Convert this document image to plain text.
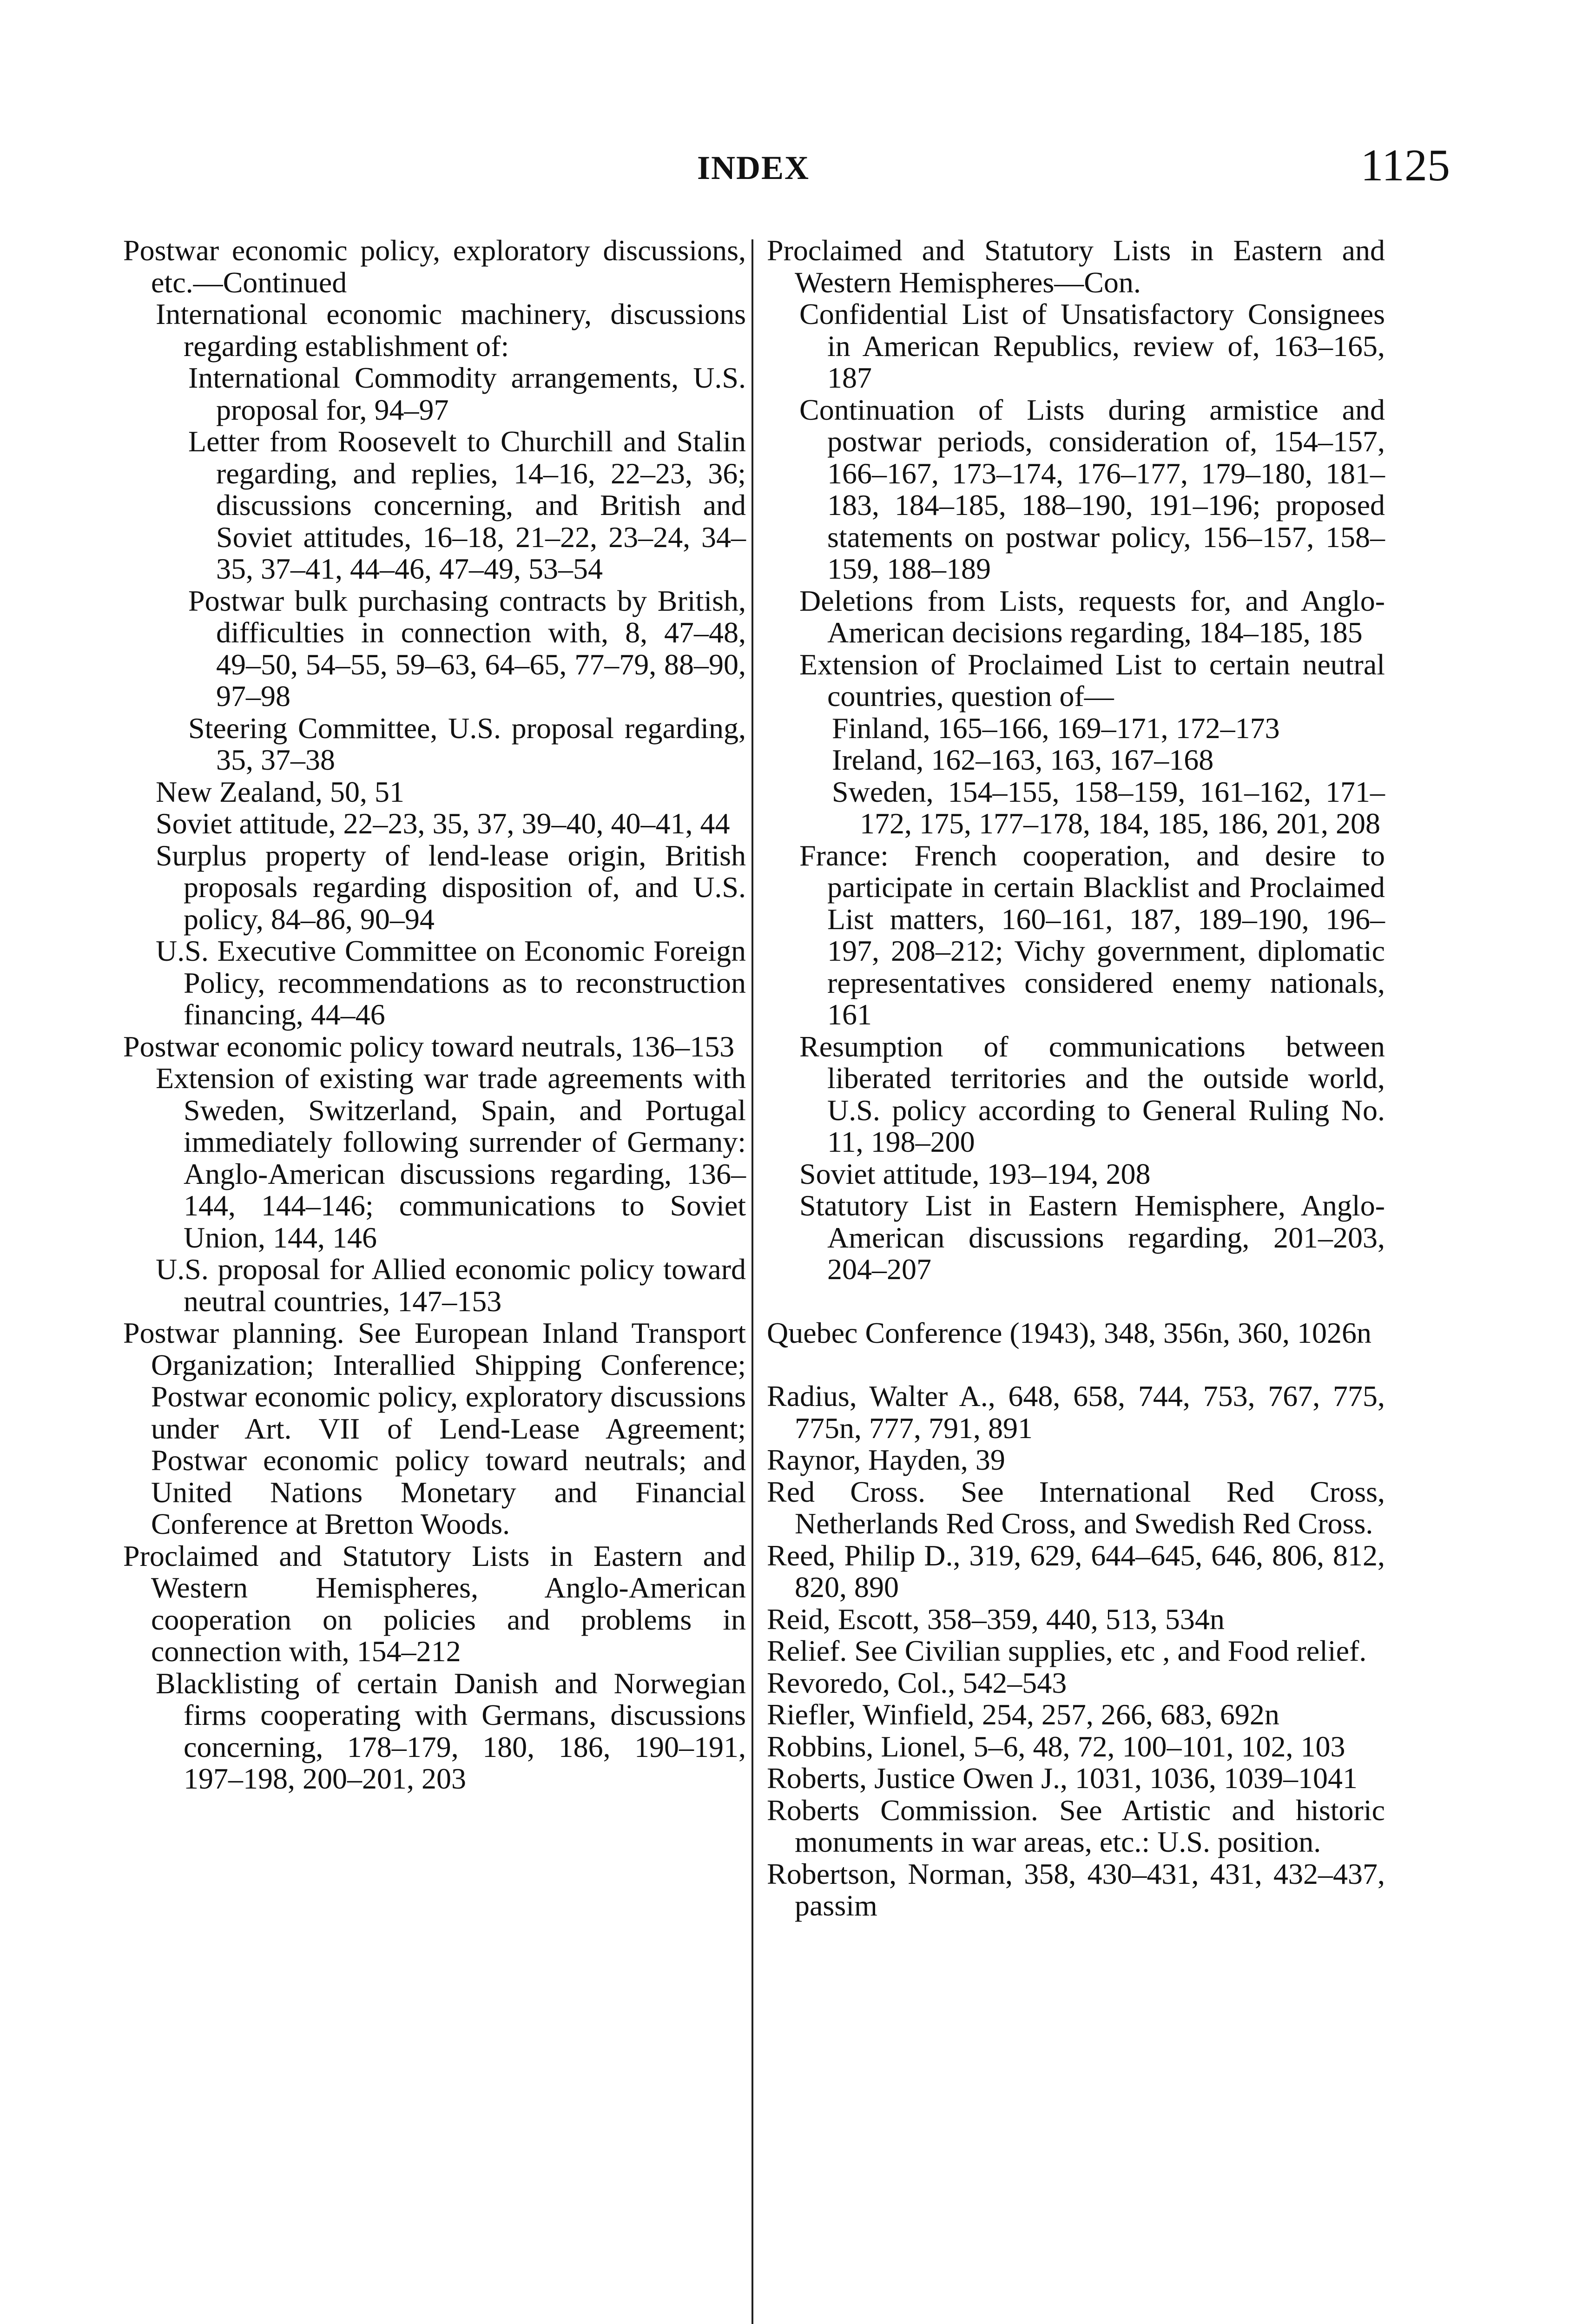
INDEX	1125
Postwar economic policy, exploratory discussions, etc.—Continued
International economic machinery, discussions regarding establishment of:
International Commodity arrangements, U.S. proposal for, 94–97
Letter from Roosevelt to Churchill and Stalin regarding, and replies, 14–16, 22–23, 36; discussions concerning, and British and Soviet attitudes, 16–18, 21–22, 23–24, 34–35, 37–41, 44–46, 47–49, 53–54
Postwar bulk purchasing contracts by British, difficulties in connection with, 8, 47–48, 49–50, 54–55, 59–63, 64–65, 77–79, 88–90, 97–98
Steering Committee, U.S. proposal regarding, 35, 37–38
New Zealand, 50, 51
Soviet attitude, 22–23, 35, 37, 39–40, 40–41, 44
Surplus property of lend-lease origin, British proposals regarding disposition of, and U.S. policy, 84–86, 90–94
U.S. Executive Committee on Economic Foreign Policy, recommendations as to reconstruction financing, 44–46
Postwar economic policy toward neutrals, 136–153
Extension of existing war trade agreements with Sweden, Switzerland, Spain, and Portugal immediately following surrender of Germany: Anglo-American discussions regarding, 136–144, 144–146; communications to Soviet Union, 144, 146
U.S. proposal for Allied economic policy toward neutral countries, 147–153
Postwar planning. See European Inland Transport Organization; Interallied Shipping Conference; Postwar economic policy, exploratory discussions under Art. VII of Lend-Lease Agreement; Postwar economic policy toward neutrals; and United Nations Monetary and Financial Conference at Bretton Woods.
Proclaimed and Statutory Lists in Eastern and Western Hemispheres, Anglo-American cooperation on policies and problems in connection with, 154–212
Blacklisting of certain Danish and Norwegian firms cooperating with Germans, discussions concerning, 178–179, 180, 186, 190–191, 197–198, 200–201, 203
Proclaimed and Statutory Lists in Eastern and Western Hemispheres—Con.
Confidential List of Unsatisfactory Consignees in American Republics, review of, 163–165, 187
Continuation of Lists during armistice and postwar periods, consideration of, 154–157, 166–167, 173–174, 176–177, 179–180, 181–183, 184–185, 188–190, 191–196; proposed statements on postwar policy, 156–157, 158–159, 188–189
Deletions from Lists, requests for, and Anglo-American decisions regarding, 184–185, 185
Extension of Proclaimed List to certain neutral countries, question of—
Finland, 165–166, 169–171, 172–173
Ireland, 162–163, 163, 167–168
Sweden, 154–155, 158–159, 161–162, 171–172, 175, 177–178, 184, 185, 186, 201, 208
France: French cooperation, and desire to participate in certain Blacklist and Proclaimed List matters, 160–161, 187, 189–190, 196–197, 208–212; Vichy government, diplomatic representatives considered enemy nationals, 161
Resumption of communications between liberated territories and the outside world, U.S. policy according to General Ruling No. 11, 198–200
Soviet attitude, 193–194, 208
Statutory List in Eastern Hemisphere, Anglo-American discussions regarding, 201–203, 204–207
Quebec Conference (1943), 348, 356n, 360, 1026n
Radius, Walter A., 648, 658, 744, 753, 767, 775, 775n, 777, 791, 891
Raynor, Hayden, 39
Red Cross. See International Red Cross, Netherlands Red Cross, and Swedish Red Cross.
Reed, Philip D., 319, 629, 644–645, 646, 806, 812, 820, 890
Reid, Escott, 358–359, 440, 513, 534n
Relief. See Civilian supplies, etc , and Food relief.
Revoredo, Col., 542–543
Riefler, Winfield, 254, 257, 266, 683, 692n
Robbins, Lionel, 5–6, 48, 72, 100–101, 102, 103
Roberts, Justice Owen J., 1031, 1036, 1039–1041
Roberts Commission. See Artistic and historic monuments in war areas, etc.: U.S. position.
Robertson, Norman, 358, 430–431, 431, 432–437, passim
